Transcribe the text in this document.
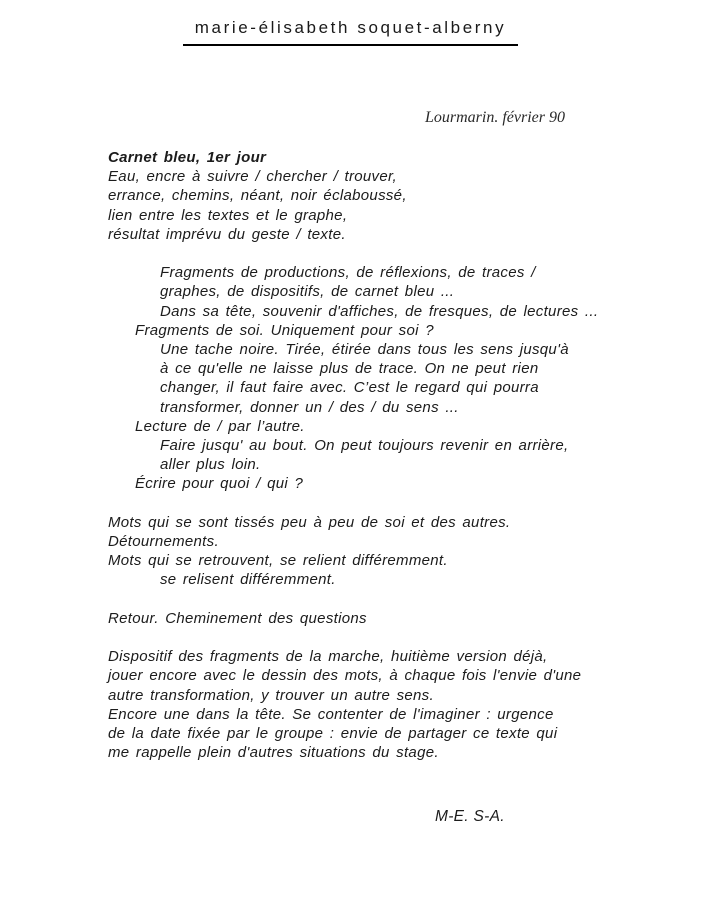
marie-élisabeth soquet-alberny
Lourmarin. février 90
Carnet bleu, 1er jour
Eau, encre à suivre / chercher / trouver,
errance, chemins, néant, noir éclaboussé,
lien entre les textes et le graphe,
résultat imprévu du geste / texte.
Fragments de productions, de réflexions, de traces /
graphes, de dispositifs, de carnet bleu ...
Dans sa tête, souvenir d'affiches, de fresques, de lectures ...
Fragments de soi. Uniquement pour soi ?
Une tache noire. Tirée, étirée dans tous les sens jusqu'à
à ce qu'elle ne laisse plus de trace. On ne peut rien
changer, il faut faire avec. C’est le regard qui pourra
transformer, donner un / des / du sens ...
Lecture de / par l’autre.
Faire jusqu' au bout. On peut toujours revenir en arrière,
aller plus loin.
Écrire pour quoi / qui ?
Mots qui se sont tissés peu à peu de soi et des autres.
Détournements.
Mots qui se retrouvent, se relient différemment.
se relisent différemment.
Retour. Cheminement des questions
Dispositif des fragments de la marche, huitième version déjà,
jouer encore avec le dessin des mots, à chaque fois l'envie d'une
autre transformation, y trouver un autre sens.
Encore une dans la tête. Se contenter de l'imaginer : urgence
de la date fixée par le groupe : envie de partager ce texte qui
me rappelle plein d'autres situations du stage.
M-E. S-A.
